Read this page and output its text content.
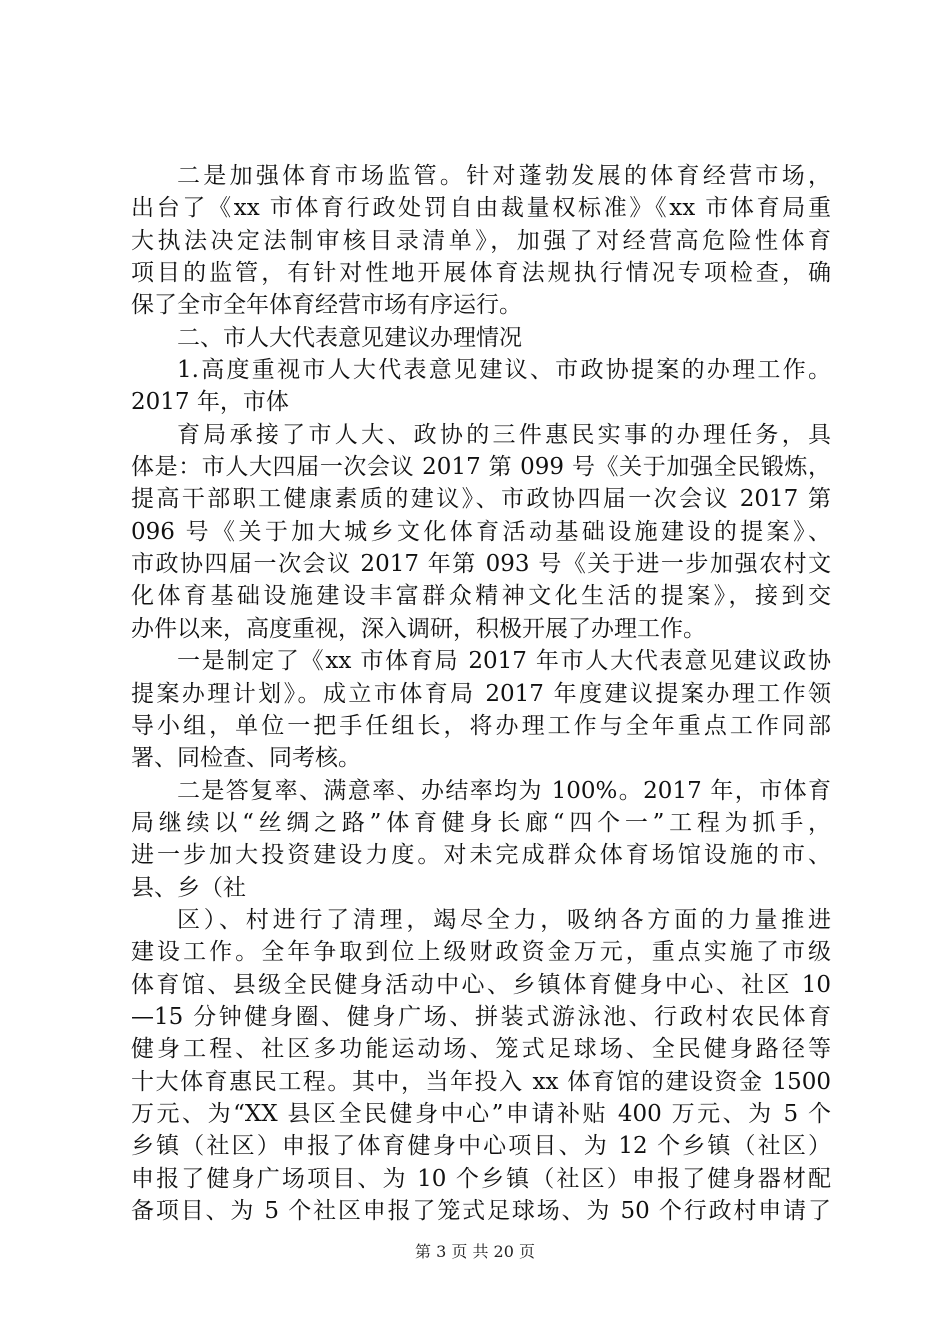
二是加强体育市场监管。针对蓬勃发展的体育经营市场，
出台了《xx 市体育行政处罚自由裁量权标准》《xx 市体育局重
大执法决定法制审核目录清单》，加强了对经营高危险性体育
项目的监管，有针对性地开展体育法规执行情况专项检查，确
保了全市全年体育经营市场有序运行。
二、市人大代表意见建议办理情况
1.高度重视市人大代表意见建议、市政协提案的办理工作。
2017 年，市体
育局承接了市人大、政协的三件惠民实事的办理任务，具
体是：市人大四届一次会议 2017 第 099 号《关于加强全民锻炼，
提高干部职工健康素质的建议》、市政协四届一次会议 2017 第
096 号《关于加大城乡文化体育活动基础设施建设的提案》、
市政协四届一次会议 2017 年第 093 号《关于进一步加强农村文
化体育基础设施建设丰富群众精神文化生活的提案》，接到交
办件以来，高度重视，深入调研，积极开展了办理工作。
一是制定了《xx 市体育局 2017 年市人大代表意见建议政协
提案办理计划》。成立市体育局 2017 年度建议提案办理工作领
导小组，单位一把手任组长，将办理工作与全年重点工作同部
署、同检查、同考核。
二是答复率、满意率、办结率均为 100%。2017 年，市体育
局继续以“丝绸之路”体育健身长廊“四个一”工程为抓手，
进一步加大投资建设力度。对未完成群众体育场馆设施的市、
县、乡（社
区）、村进行了清理，竭尽全力，吸纳各方面的力量推进
建设工作。全年争取到位上级财政资金万元，重点实施了市级
体育馆、县级全民健身活动中心、乡镇体育健身中心、社区 10
—15 分钟健身圈、健身广场、拼装式游泳池、行政村农民体育
健身工程、社区多功能运动场、笼式足球场、全民健身路径等
十大体育惠民工程。其中，当年投入 xx 体育馆的建设资金 1500
万元、为“XX 县区全民健身中心”申请补贴 400 万元、为 5 个
乡镇（社区）申报了体育健身中心项目、为 12 个乡镇（社区）
申报了健身广场项目、为 10 个乡镇（社区）申报了健身器材配
备项目、为 5 个社区申报了笼式足球场、为 50 个行政村申请了
第 3 页 共 20 页
